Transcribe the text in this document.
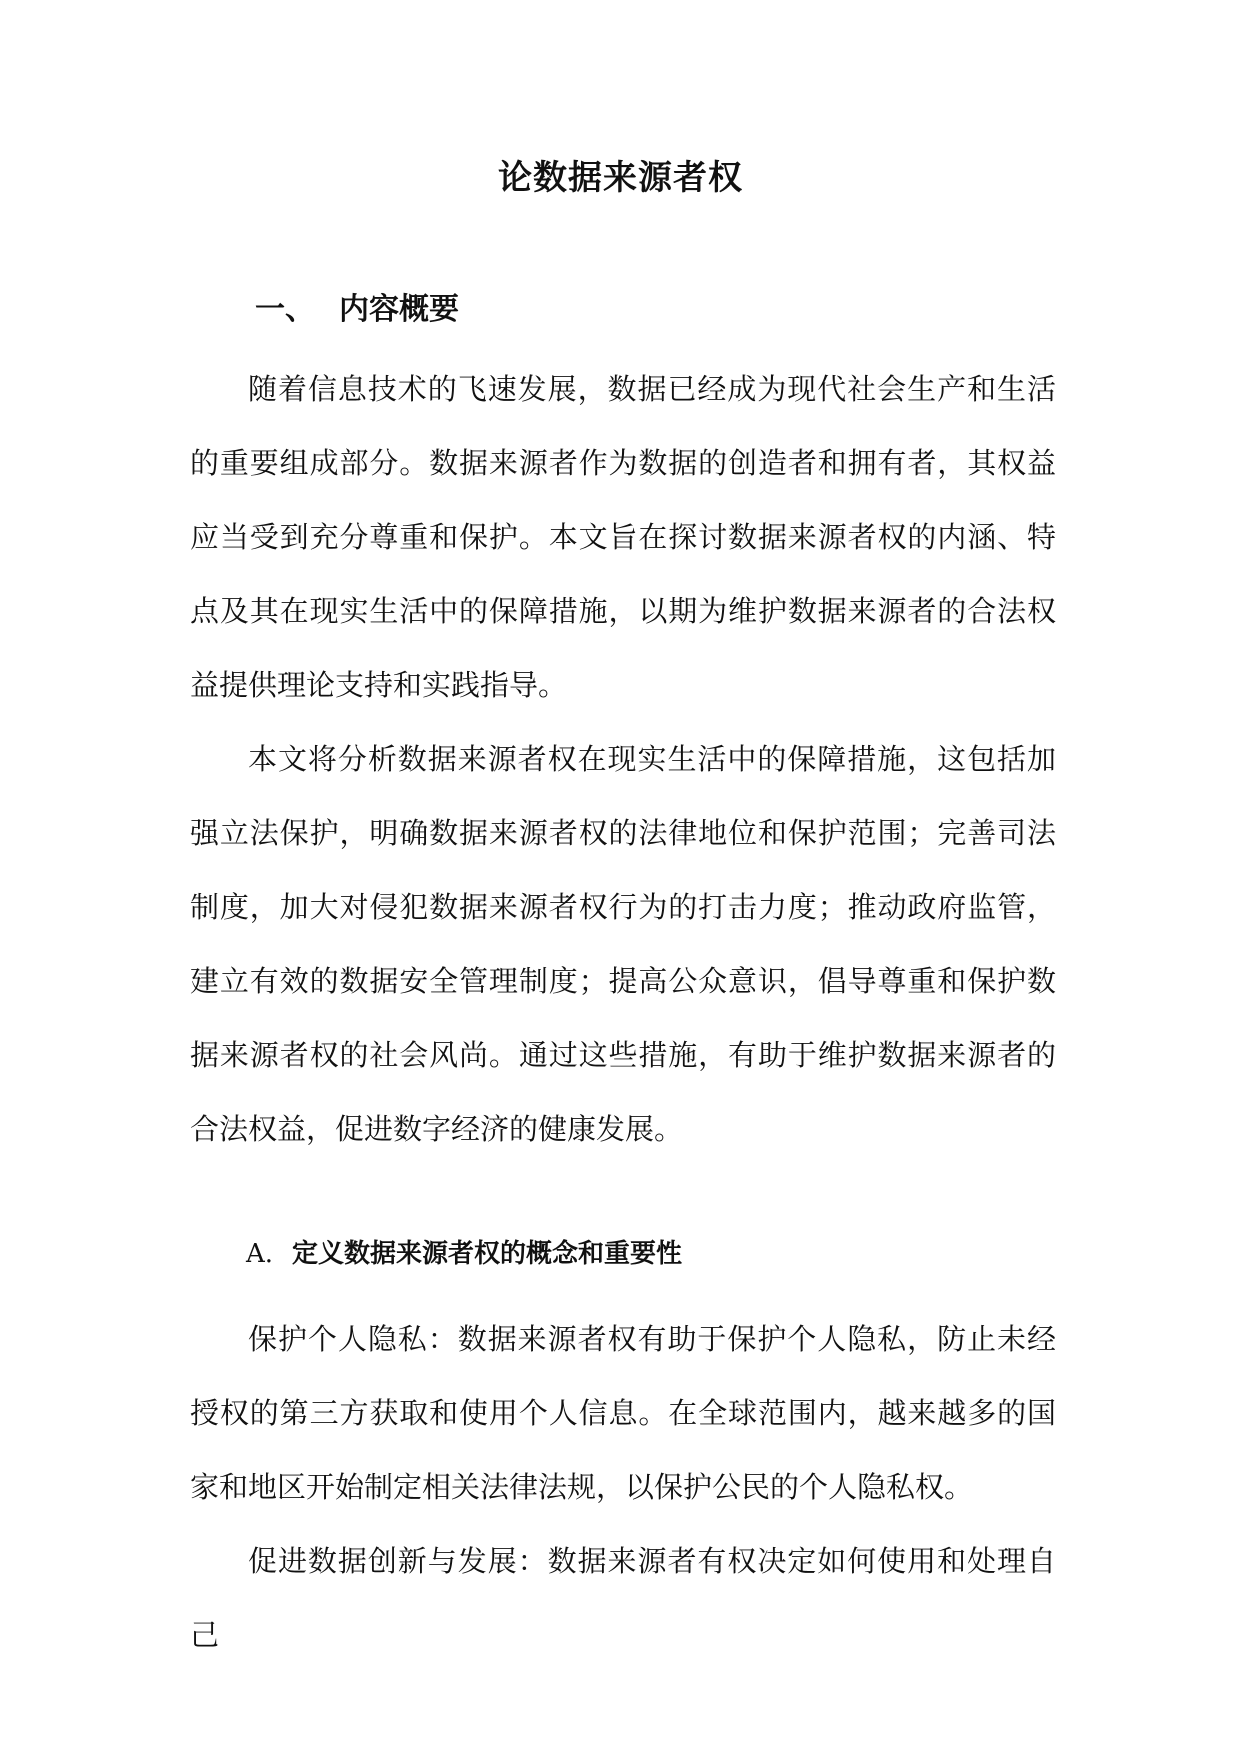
论数据来源者权
一、 内容概要

随着信息技术的飞速发展，数据已经成为现代社会生产和生活的重要组成部分。数据来源者作为数据的创造者和拥有者，其权益应当受到充分尊重和保护。本文旨在探讨数据来源者权的内涵、特点及其在现实生活中的保障措施，以期为维护数据来源者的合法权益提供理论支持和实践指导。

本文将分析数据来源者权在现实生活中的保障措施，这包括加强立法保护，明确数据来源者权的法律地位和保护范围；完善司法制度，加大对侵犯数据来源者权行为的打击力度；推动政府监管，建立有效的数据安全管理制度；提高公众意识，倡导尊重和保护数据来源者权的社会风尚。通过这些措施，有助于维护数据来源者的合法权益，促进数字经济的健康发展。

A. 定义数据来源者权的概念和重要性

保护个人隐私：数据来源者权有助于保护个人隐私，防止未经授权的第三方获取和使用个人信息。在全球范围内，越来越多的国家和地区开始制定相关法律法规，以保护公民的个人隐私权。

促进数据创新与发展：数据来源者有权决定如何使用和处理自己
